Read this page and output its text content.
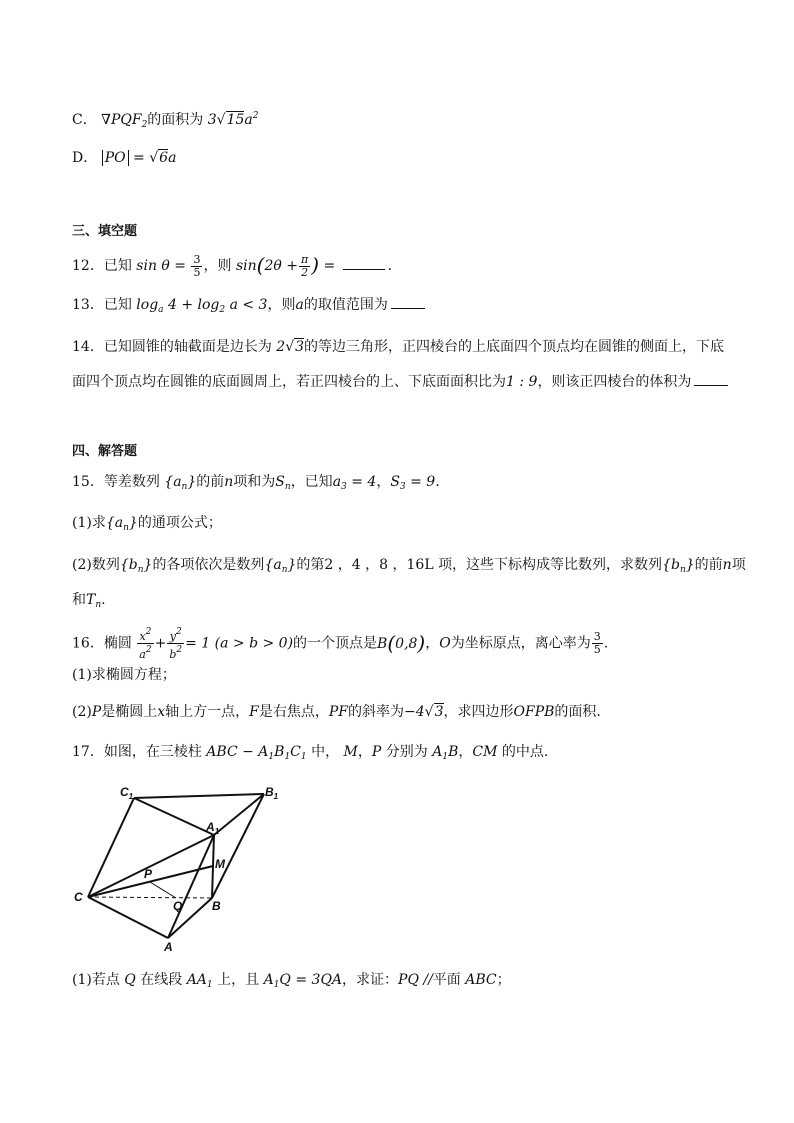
C． $\nabla PQF_2$的面积为 $3√15a^2$
D． PO = √6a
三、填空题
12．已知 $\sin \theta = \frac{3}{5}$ ，则 $\sin(2\theta + \frac{\pi}{2}$ ) =	．
13．已知 $\log_a 4 + \log_2 a < 3$，则a的取值范围为
14．已知圆锥的轴截面是边长为 2√3的等边三角形，正四棱台的上底面四个顶点均在圆锥的侧面上，下底
面四个顶点均在圆锥的底面圆周上，若正四棱台的上、下底面面积比为1 : 9，则该正四棱台的体积为
四、解答题
15．等差数列 $\{a_n\}$的前n项和为$S_n$，已知$a_3 = 4$，$S_3 = 9$.
(1)求$\{a_n\}$的通项公式；
(2)数列$\{b_n\}$的各项依次是数列$\{a_n\}$的第2 ，4 ，8 ，16L 项，这些下标构成等比数列，求数列$\{b_n\}$的前n项
和$T_n$.
16．椭圆 $\frac{x^2}{a^2} + \frac{y^2}{b^2} = 1$ (a > b > 0)的一个顶点是B(0,8)，O为坐标原点，离心率为 $\frac{3}{5}$ .
(1)求椭圆方程；
(2)P是椭圆上x轴上方一点，F是右焦点，PF的斜率为−4√3，求四边形OFPB的面积.
17．如图，在三棱柱 ABC − $A_1B_1C_1$ 中， M，P 分别为 $A_1B$，CM 的中点.
$C_1$	$B_1$
$A_1$
M
P
C
B
Q
A
(1)若点 Q 在线段 $AA_1$ 上，且 $A_1Q = 3QA$，求证：PQ //平面 ABC；
